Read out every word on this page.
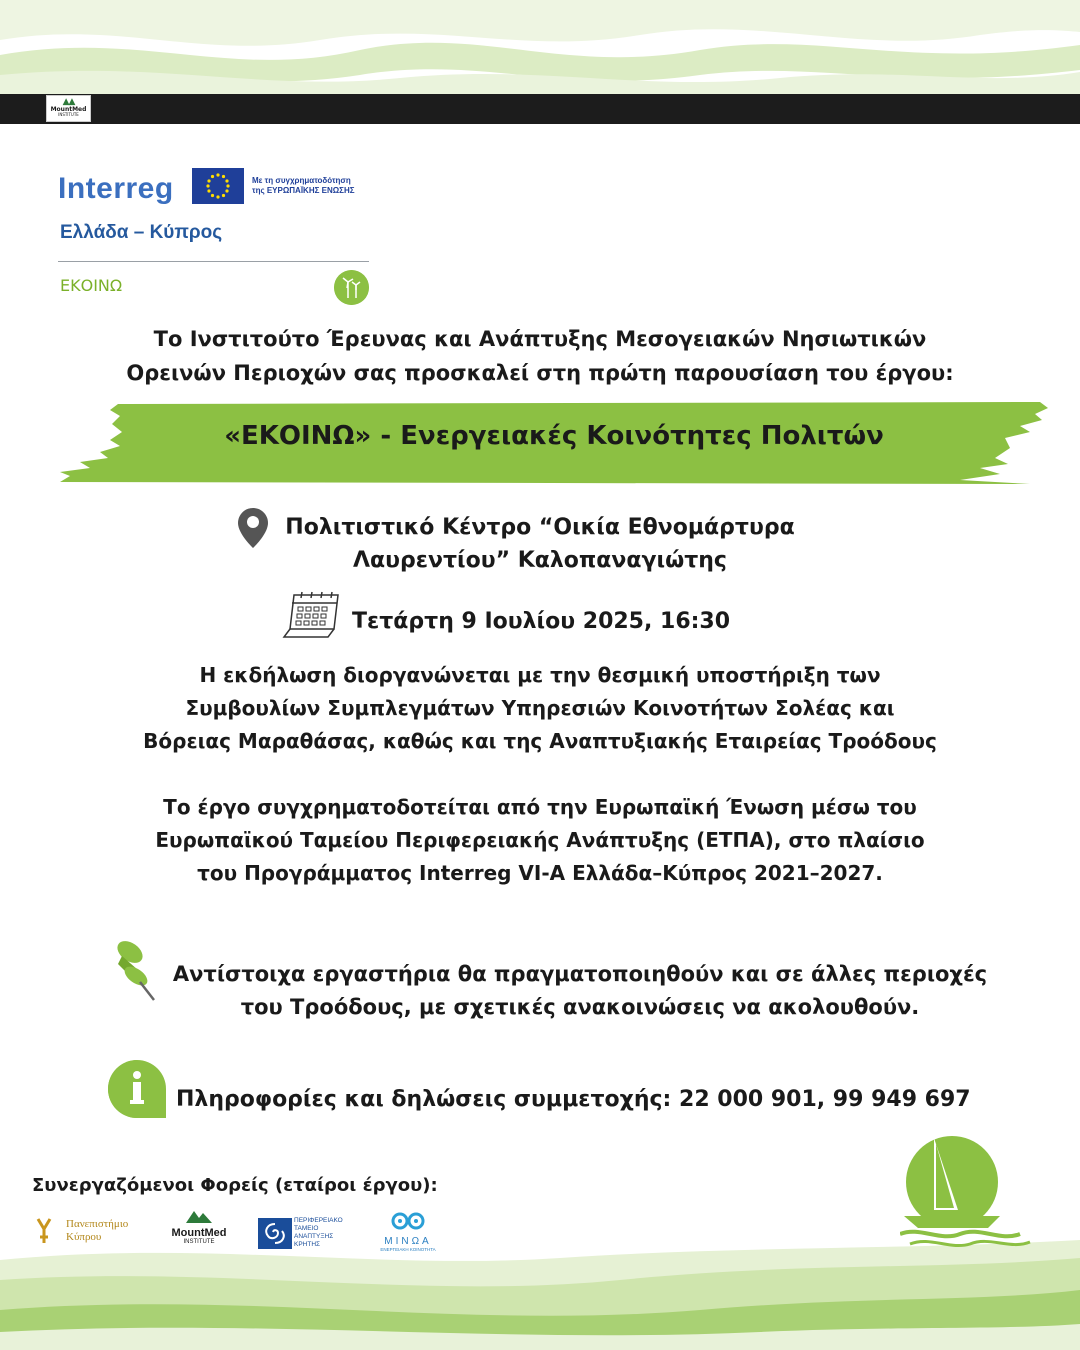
▲▲
MountMed
INSTITUTE
Interreg	Με τη συγχρηματοδότηση
της ΕΥΡΩΠΑΪΚΗΣ ΕΝΩΣΗΣ
Ελλάδα – Κύπρος
ΕΚΟΙΝΩ
Το Ινστιτούτο Έρευνας και Ανάπτυξης Μεσογειακών Νησιωτικών
Ορεινών Περιοχών σας προσκαλεί στη πρώτη παρουσίαση του έργου:
«ΕΚΟΙΝΩ» - Ενεργειακές Κοινότητες Πολιτών
Πολιτιστικό Κέντρο “Οικία Εθνομάρτυρα
Λαυρεντίου” Καλοπαναγιώτης
Τετάρτη 9 Ιουλίου 2025, 16:30
Η εκδήλωση διοργανώνεται με την θεσμική υποστήριξη των
Συμβουλίων Συμπλεγμάτων Υπηρεσιών Κοινοτήτων Σολέας και
Βόρειας Μαραθάσας, καθώς και της Αναπτυξιακής Εταιρείας Τροόδους
Το έργο συγχρηματοδοτείται από την Ευρωπαϊκή Ένωση μέσω του
Ευρωπαϊκού Ταμείου Περιφερειακής Ανάπτυξης (ΕΤΠΑ), στο πλαίσιο
του Προγράμματος Interreg VI-A Ελλάδα–Κύπρος 2021–2027.
Αντίστοιχα εργαστήρια θα πραγματοποιηθούν και σε άλλες περιοχές
του Τροόδους, με σχετικές ανακοινώσεις να ακολουθούν.
Πληροφορίες και δηλώσεις συμμετοχής: 22 000 901, 99 949 697
Συνεργαζόμενοι Φορείς (εταίροι έργου):
Πανεπιστήμιο
Κύπρου	MountMed
INSTITUTE
ΠΕΡΙΦΕΡΕΙΑΚΟ
ΤΑΜΕΙΟ
ΑΝΑΠΤΥΞΗΣ
ΚΡΗΤΗΣ	ΜΙΝΩΑ
ΕΝΕΡΓΕΙΑΚΗ ΚΟΙΝΟΤΗΤΑ
